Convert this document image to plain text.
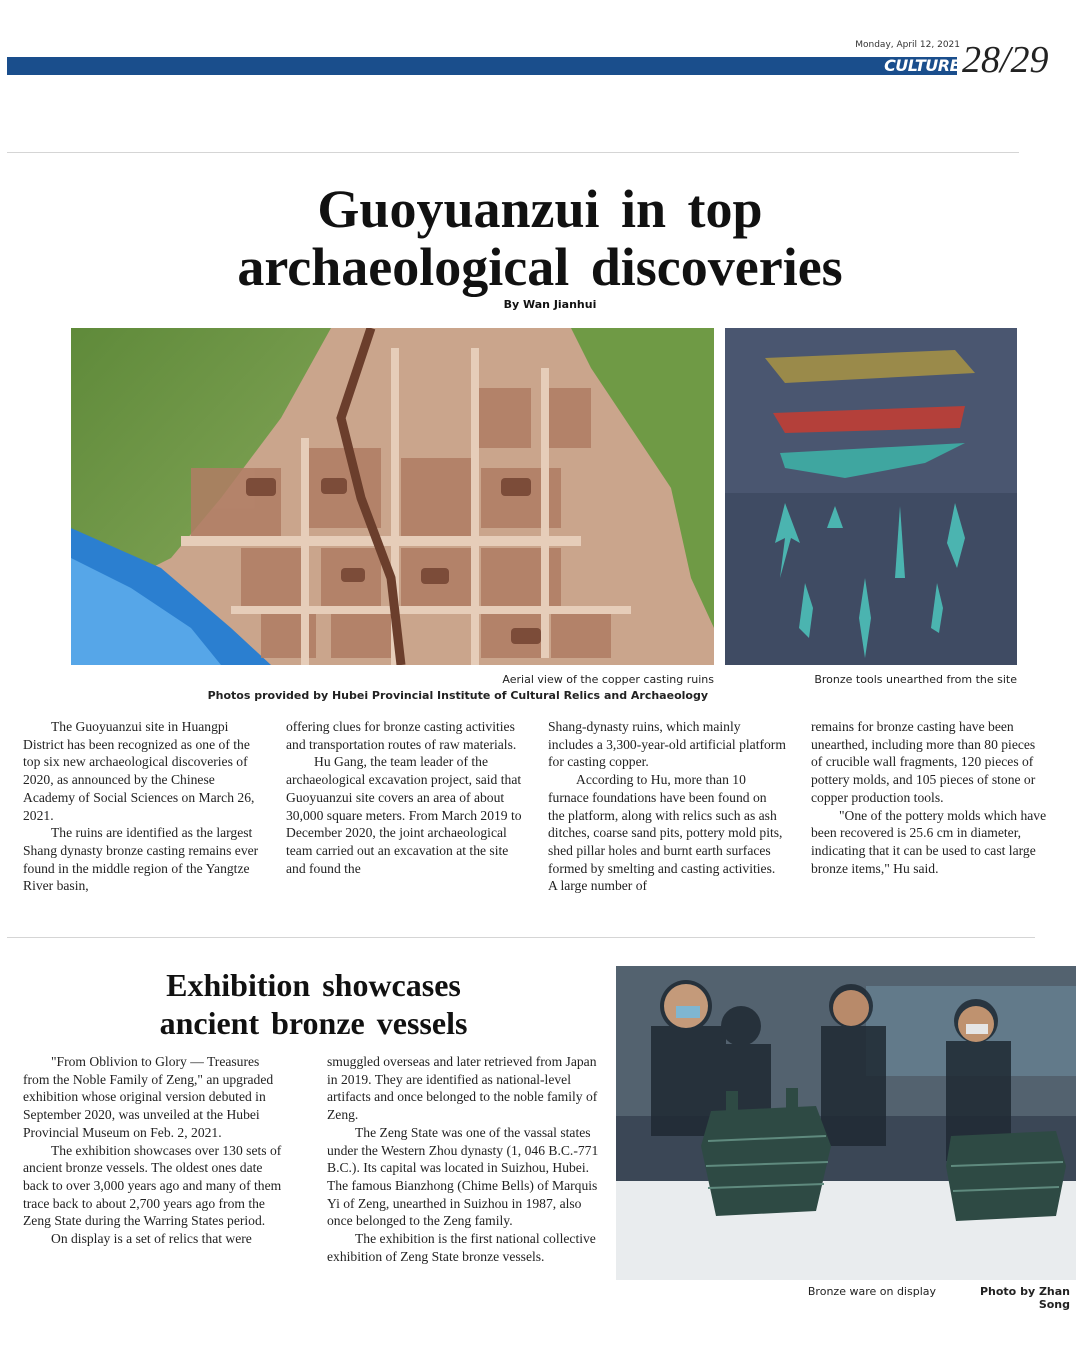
Monday, April 12, 2021
CULTURE 28/29
Guoyuanzui in top archaeological discoveries
By Wan Jianhui
Aerial view of the copper casting ruins
Photos provided by Hubei Provincial Institute of Cultural Relics and Archaeology
Bronze tools unearthed from the site

The Guoyuanzui site in Huangpi District has been recognized as one of the top six new archaeological discoveries of 2020, as announced by the Chinese Academy of Social Sciences on March 26, 2021.

The ruins are identified as the largest Shang dynasty bronze casting remains ever found in the middle region of the Yangtze River basin,

offering clues for bronze casting activities and transportation routes of raw materials.

Hu Gang, the team leader of the archaeological excavation project, said that Guoyuanzui site covers an area of about 30,000 square meters. From March 2019 to December 2020, the joint archaeological team carried out an excavation at the site and found the

Shang-dynasty ruins, which mainly includes a 3,300-year-old artificial platform for casting copper.

According to Hu, more than 10 furnace foundations have been found on the platform, along with relics such as ash ditches, coarse sand pits, pottery mold pits, shed pillar holes and burnt earth surfaces formed by smelting and casting activities. A large number of

remains for bronze casting have been unearthed, including more than 80 pieces of crucible wall fragments, 120 pieces of pottery molds, and 105 pieces of stone or copper production tools.

"One of the pottery molds which have been recovered is 25.6 cm in diameter, indicating that it can be used to cast large bronze items," Hu said.

Exhibition showcases
ancient bronze vessels

"From Oblivion to Glory — Treasures from the Noble Family of Zeng," an upgraded exhibition whose original version debuted in September 2020, was unveiled at the Hubei Provincial Museum on Feb. 2, 2021.

The exhibition showcases over 130 sets of ancient bronze vessels. The oldest ones date back to over 3,000 years ago and many of them trace back to about 2,700 years ago from the Zeng State during the Warring States period.

On display is a set of relics that were

smuggled overseas and later retrieved from Japan in 2019. They are identified as national-level artifacts and once belonged to the noble family of Zeng.

The Zeng State was one of the vassal states under the Western Zhou dynasty (1, 046 B.C.-771 B.C.). Its capital was located in Suizhou, Hubei. The famous Bianzhong (Chime Bells) of Marquis Yi of Zeng, unearthed in Suizhou in 1987, also once belonged to the Zeng family.

The exhibition is the first national collective exhibition of Zeng State bronze vessels.

Bronze ware on display	Photo by Zhan Song
